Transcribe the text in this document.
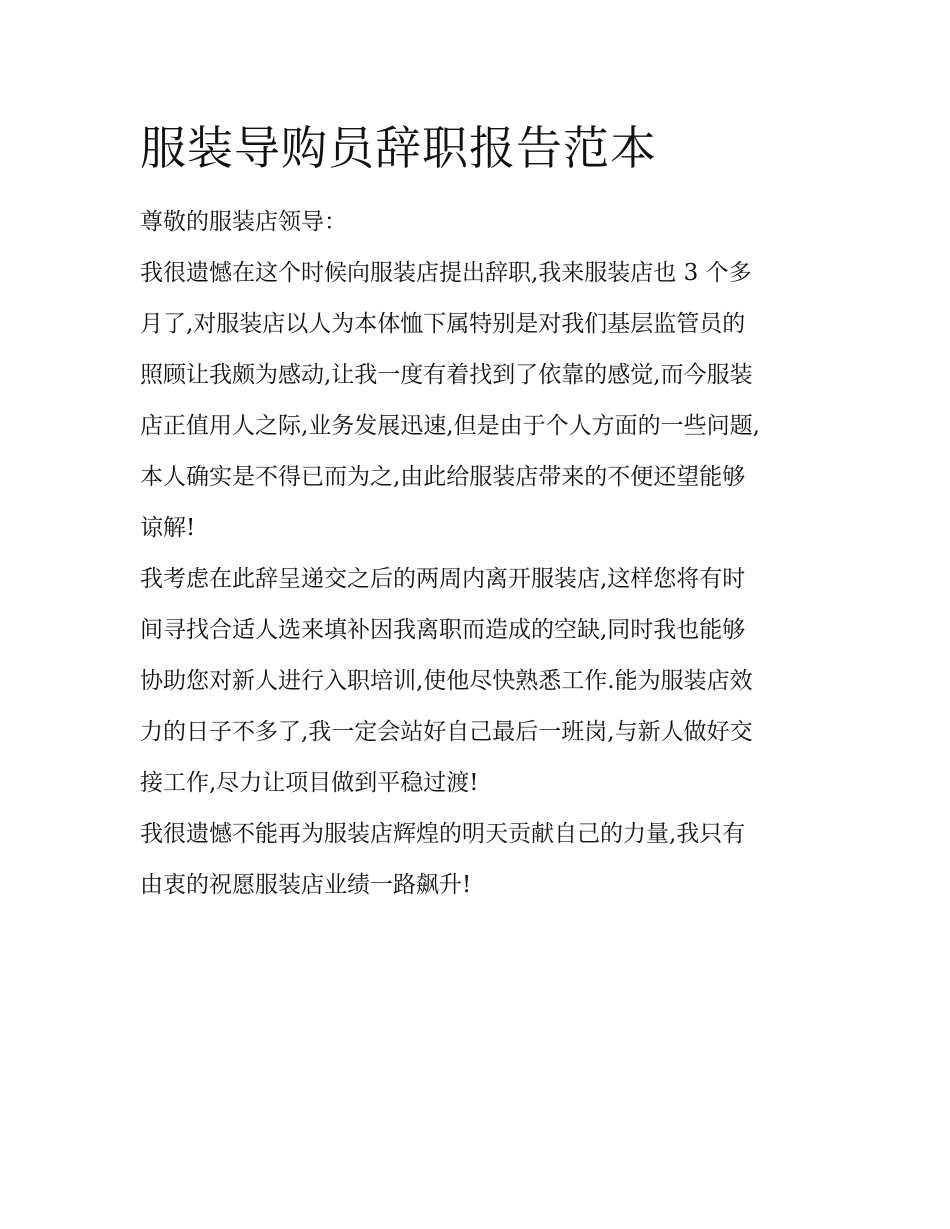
服装导购员辞职报告范本
尊敬的服装店领导：
我很遗憾在这个时候向服装店提出辞职,我来服装店也 3 个多
月了,对服装店以人为本体恤下属特别是对我们基层监管员的
照顾让我颇为感动,让我一度有着找到了依靠的感觉,而今服装
店正值用人之际,业务发展迅速,但是由于个人方面的一些问题,
本人确实是不得已而为之,由此给服装店带来的不便还望能够
谅解!
我考虑在此辞呈递交之后的两周内离开服装店,这样您将有时
间寻找合适人选来填补因我离职而造成的空缺,同时我也能够
协助您对新人进行入职培训,使他尽快熟悉工作.能为服装店效
力的日子不多了,我一定会站好自己最后一班岗,与新人做好交
接工作,尽力让项目做到平稳过渡!
我很遗憾不能再为服装店辉煌的明天贡献自己的力量,我只有
由衷的祝愿服装店业绩一路飙升!
